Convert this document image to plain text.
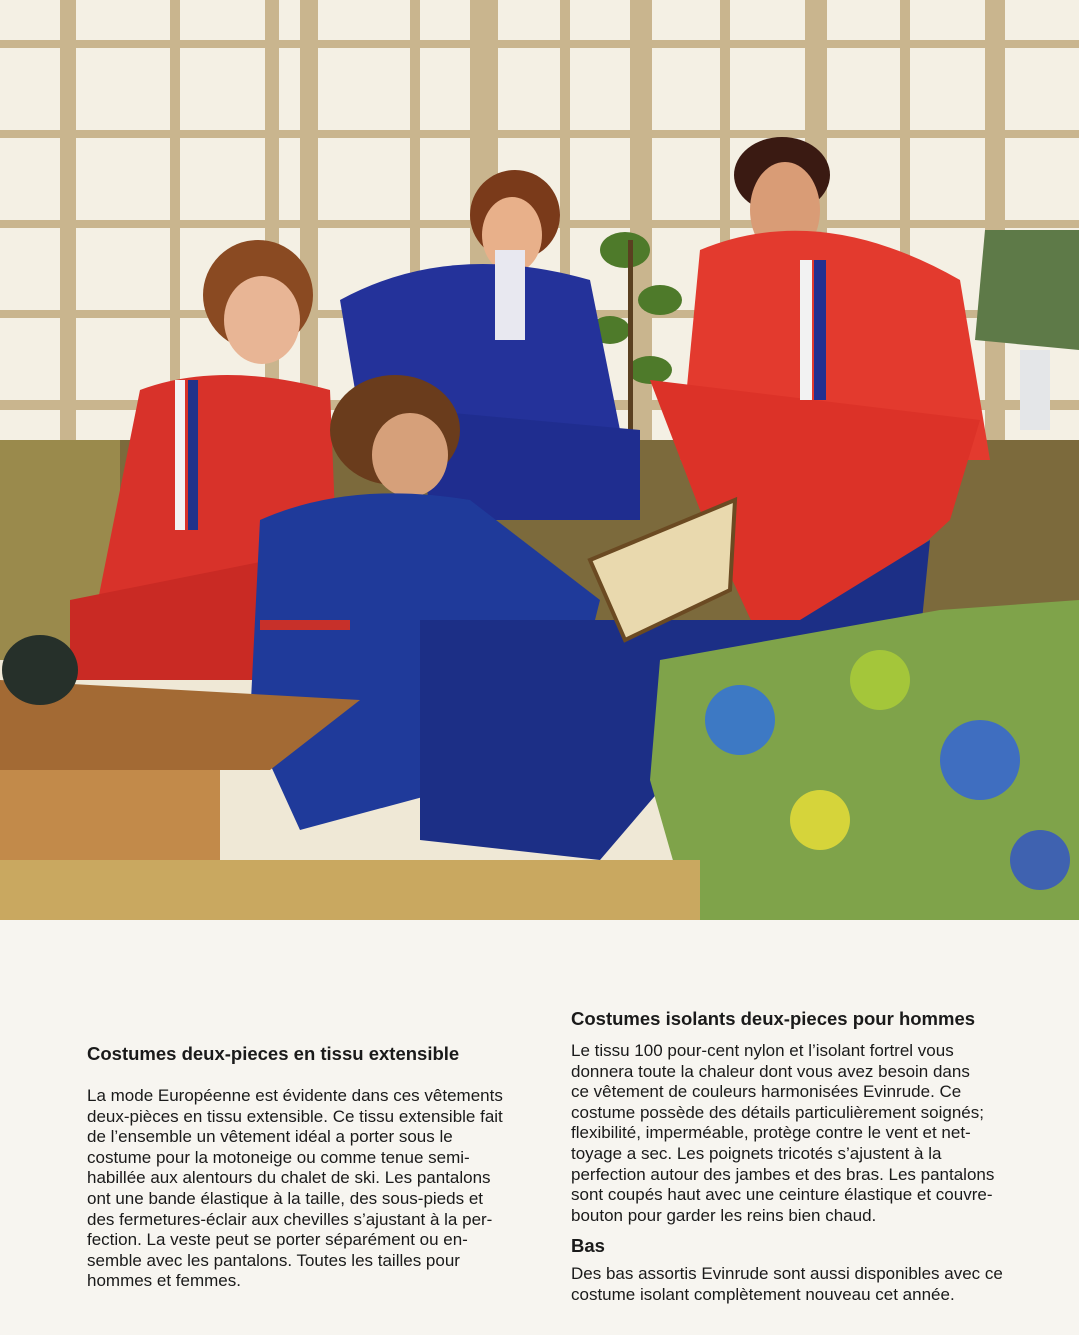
Costumes deux-pieces en tissu extensible

La mode Européenne est évidente dans ces vêtements
deux-pièces en tissu extensible. Ce tissu extensible fait
de l’ensemble un vêtement idéal a porter sous le
costume pour la motoneige ou comme tenue semi-
habillée aux alentours du chalet de ski. Les pantalons
ont une bande élastique à la taille, des sous-pieds et
des fermetures-éclair aux chevilles s’ajustant à la per-
fection. La veste peut se porter séparément ou en-
semble avec les pantalons. Toutes les tailles pour
hommes et femmes.

Costumes isolants deux-pieces pour hommes

Le tissu 100 pour-cent nylon et l’isolant fortrel vous
donnera toute la chaleur dont vous avez besoin dans
ce vêtement de couleurs harmonisées Evinrude. Ce
costume possède des détails particulièrement soignés;
flexibilité, imperméable, protège contre le vent et net-
toyage a sec. Les poignets tricotés s’ajustent à la
perfection autour des jambes et des bras. Les pantalons
sont coupés haut avec une ceinture élastique et couvre-
bouton pour garder les reins bien chaud.

Bas

Des bas assortis Evinrude sont aussi disponibles avec ce
costume isolant complètement nouveau cet année.
